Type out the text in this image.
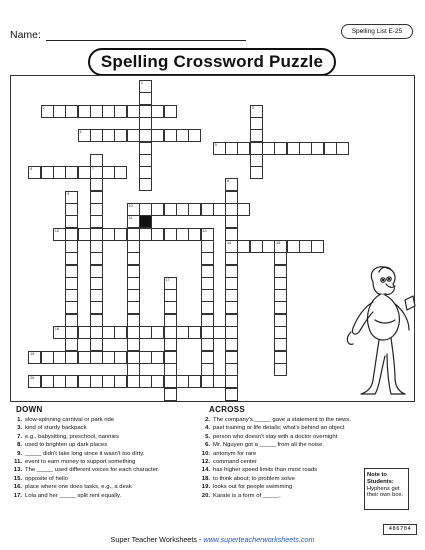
Name:	Spelling List E-25
Spelling Crossword Puzzle
1
2	3
4
5
6	7
8
9
10
11
12	13
14	15
17
18
19
20
DOWN
1. slow-spinning carnival or park ride
3. kind of sturdy backpack
7. e.g., babysitting, preschool, nannies
8. used to brighten up dark places
9. _____ didn't take long since it wasn't too dirty.
11. event to earn money to support something
13. The _____ used different voices for each character.
15. opposite of hello
16. place where one does tasks, e.g., a desk
17. Lola and her _____ split rent equally.
ACROSS
2. The company's _____ gave a statement to the news.
4. past training or life details; what's behind an object
5. person who doesn't stay with a doctor overnight
6. Mr. Nguyen got a _____ from all the noise.
10. antonym for rare
12. command center
14. has higher speed limits than most roads
18. to think about; to problem solve
19. looks out for people swimming
20. Karate is a form of _____.
Note to Students:
Hyphens get their own box.
486704
Super Teacher Worksheets - www.superteacherworksheets.com
